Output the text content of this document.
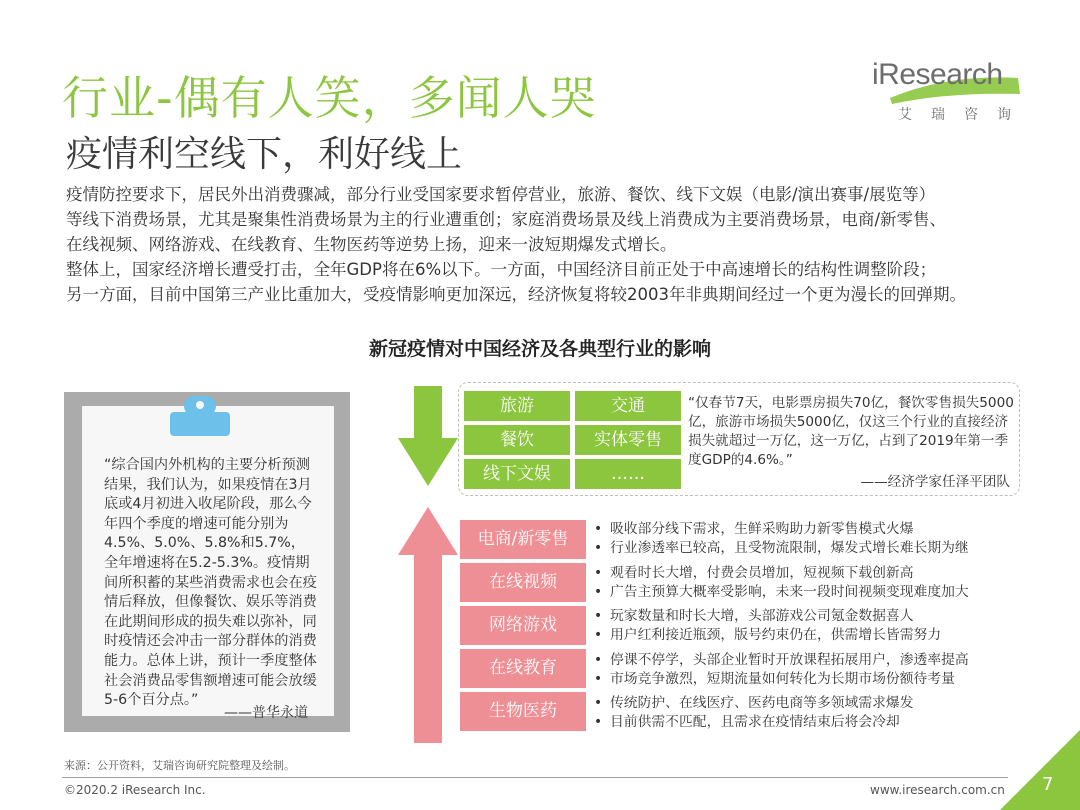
行业-偶有人笑，多闻人哭
疫情利空线下，利好线上
iResearch
艾瑞咨询

疫情防控要求下，居民外出消费骤减，部分行业受国家要求暂停营业，旅游、餐饮、线下文娱（电影/演出赛事/展览等）

等线下消费场景，尤其是聚集性消费场景为主的行业遭重创；家庭消费场景及线上消费成为主要消费场景，电商/新零售、

在线视频、网络游戏、在线教育、生物医药等逆势上扬，迎来一波短期爆发式增长。

整体上，国家经济增长遭受打击，全年GDP将在6%以下。一方面，中国经济目前正处于中高速增长的结构性调整阶段；

另一方面，目前中国第三产业比重加大，受疫情影响更加深远，经济恢复将较2003年非典期间经过一个更为漫长的回弹期。

新冠疫情对中国经济及各典型行业的影响
“综合国内外机构的主要分析预测结果，我们认为，如果疫情在3月底或4月初进入收尾阶段，那么今年四个季度的增速可能分别为4.5%、5.0%、5.8%和5.7%，全年增速将在5.2-5.3%。疫情期间所积蓄的某些消费需求也会在疫情后释放，但像餐饮、娱乐等消费在此期间形成的损失难以弥补，同时疫情还会冲击一部分群体的消费能力。总体上讲，预计一季度整体社会消费品零售额增速可能会放缓5-6个百分点。”
——普华永道
旅游	交通
餐饮	实体零售
线下文娱	……
“仅春节7天，电影票房损失70亿，餐饮零售损失5000亿，旅游市场损失5000亿，仅这三个行业的直接经济损失就超过一万亿，这一万亿，占到了2019年第一季度GDP的4.6%。”
——经济学家任泽平团队
电商/新零售	• 吸收部分线下需求，生鲜采购助力新零售模式火爆
• 行业渗透率已较高，且受物流限制，爆发式增长难长期为继
在线视频	• 观看时长大增，付费会员增加，短视频下载创新高
• 广告主预算大概率受影响，未来一段时间视频变现难度加大
网络游戏	• 玩家数量和时长大增，头部游戏公司氪金数据喜人
• 用户红利接近瓶颈，版号约束仍在，供需增长皆需努力
在线教育	• 停课不停学，头部企业暂时开放课程拓展用户，渗透率提高
• 市场竞争激烈，短期流量如何转化为长期市场份额待考量
生物医药	• 传统防护、在线医疗、医药电商等多领域需求爆发
• 目前供需不匹配，且需求在疫情结束后将会冷却
来源：公开资料，艾瑞咨询研究院整理及绘制。
©2020.2 iResearch Inc.	www.iresearch.com.cn 7
